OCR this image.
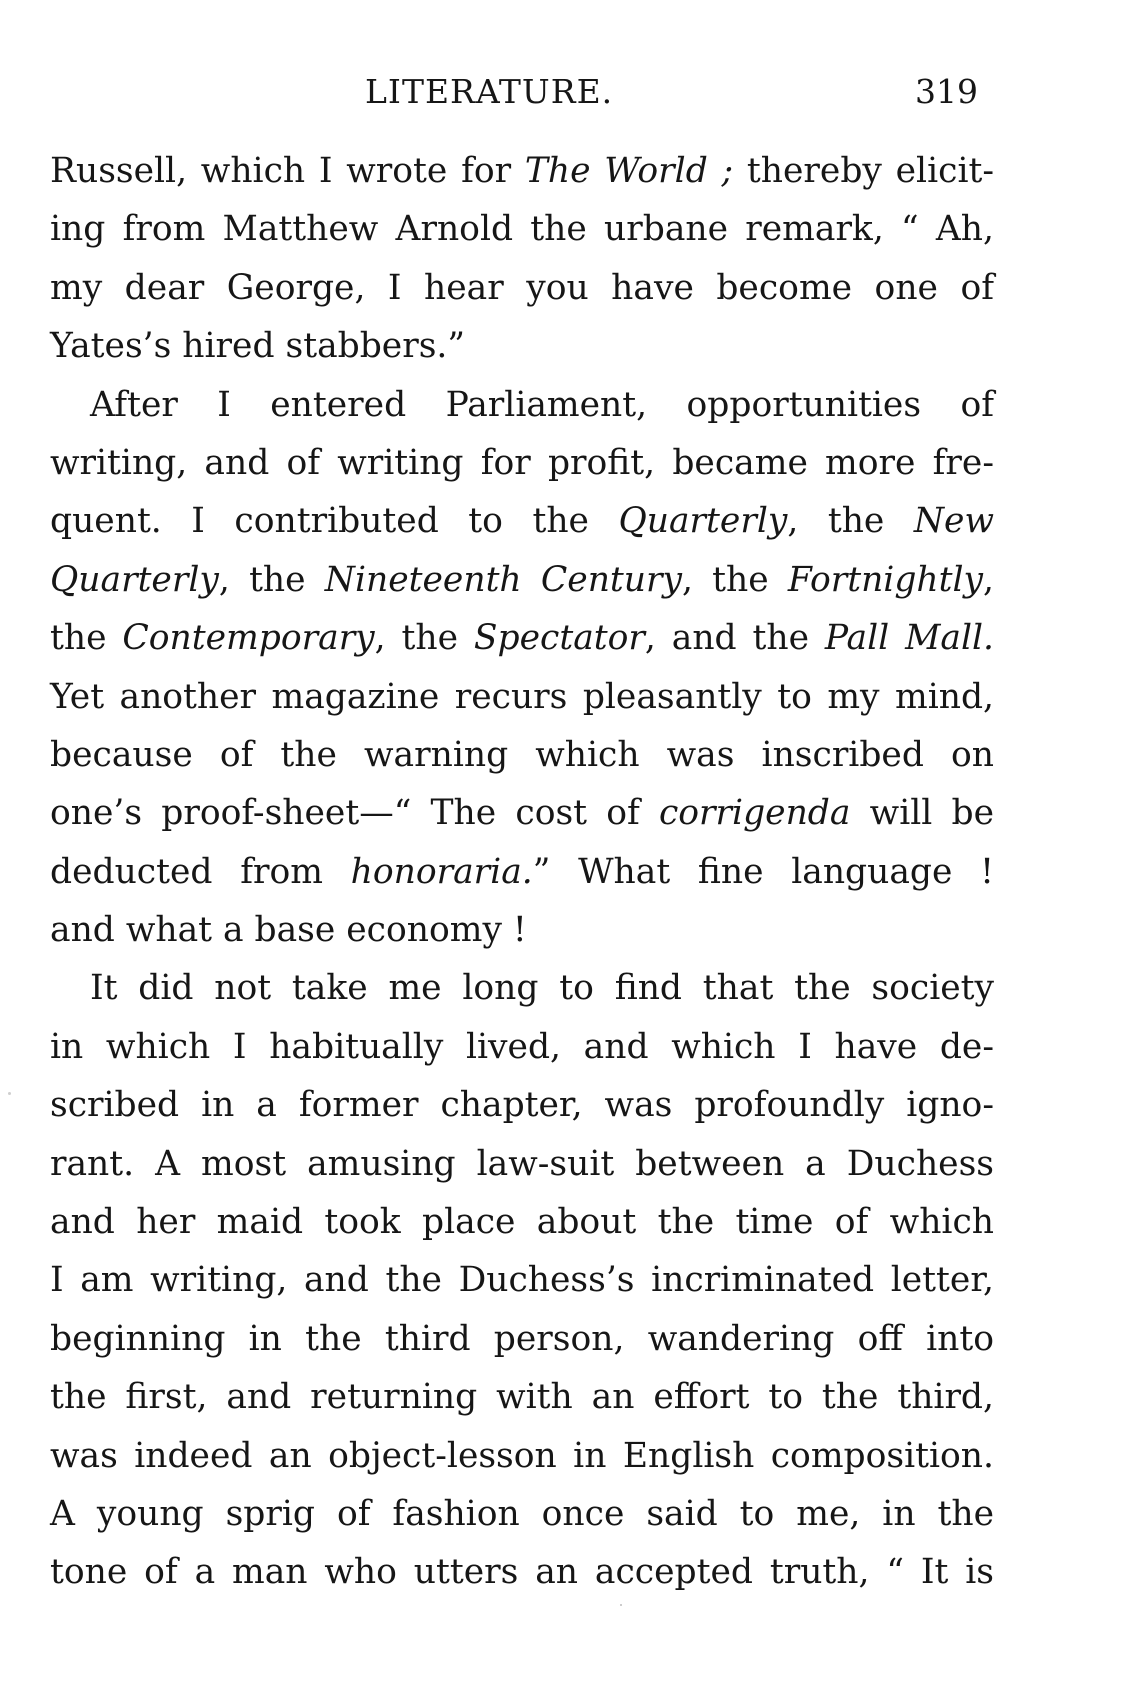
LITERATURE.	319
Russell, which I wrote for The World ; thereby elicit-
ing from Matthew Arnold the urbane remark, “ Ah,
my dear George, I hear you have become one of
Yates’s hired stabbers.”
After I entered Parliament, opportunities of
writing, and of writing for profit, became more fre-
quent. I contributed to the Quarterly, the New
Quarterly, the Nineteenth Century, the Fortnightly,
the Contemporary, the Spectator, and the Pall Mall.
Yet another magazine recurs pleasantly to my mind,
because of the warning which was inscribed on
one’s proof-sheet—“ The cost of corrigenda will be
deducted from honoraria.” What fine language !
and what a base economy !
It did not take me long to find that the society
in which I habitually lived, and which I have de-
scribed in a former chapter, was profoundly igno-
rant. A most amusing law-suit between a Duchess
and her maid took place about the time of which
I am writing, and the Duchess’s incriminated letter,
beginning in the third person, wandering off into
the first, and returning with an effort to the third,
was indeed an object-lesson in English composition.
A young sprig of fashion once said to me, in the
tone of a man who utters an accepted truth, “ It is
